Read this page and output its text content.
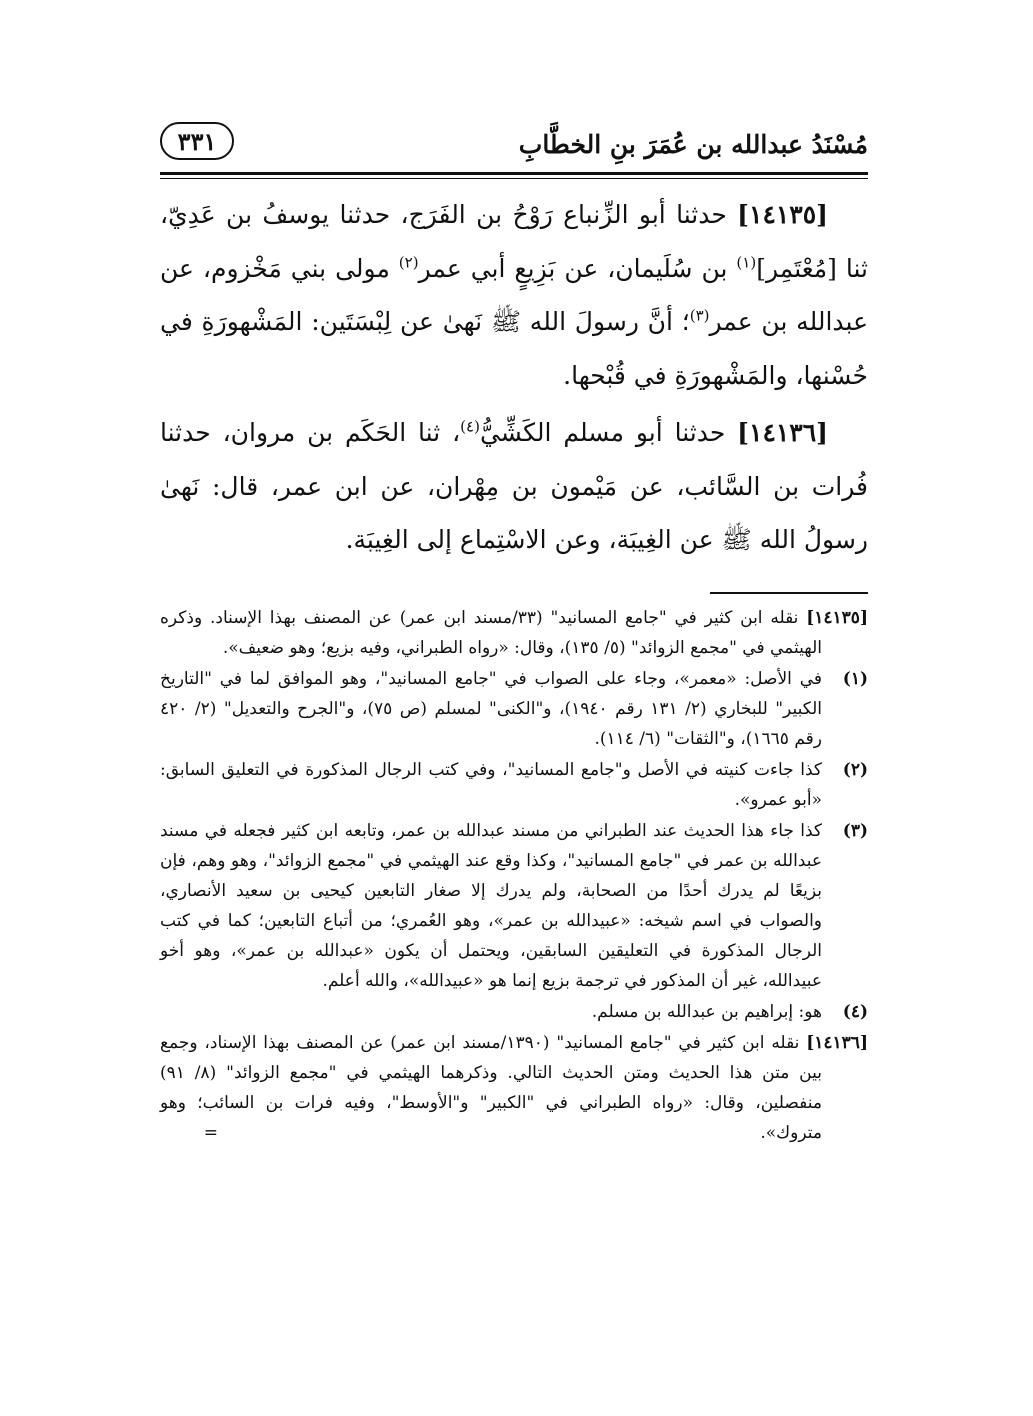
مُسْنَدُ عبدالله بن عُمَرَ بنِ الخطَّابِ
٣٣١

[١٤١٣٥] حدثنا أبو الزِّنباع رَوْحُ بن الفَرَج، حدثنا يوسفُ بن عَدِيّ، ثنا [مُعْتَمِر]$^{(١)}$ بن سُلَيمان، عن بَزِيعٍ أبي عمر$^{(٢)}$ مولى بني مَخْزوم، عن عبدالله بن عمر$^{(٣)}$؛ أنَّ رسولَ الله ﷺ نَهىٰ عن لِبْسَتَين: المَشْهورَةِ في حُسْنها، والمَشْهورَةِ في قُبْحها.

[١٤١٣٦] حدثنا أبو مسلم الكَشِّيُّ$^{(٤)}$، ثنا الحَكَم بن مروان، حدثنا فُرات بن السَّائب، عن مَيْمون بن مِهْران، عن ابن عمر، قال: نَهىٰ رسولُ الله ﷺ عن الغِيبَة، وعن الاسْتِماع إلى الغِيبَة.

[١٤١٣٥] نقله ابن كثير في "جامع المسانيد" (٣٣/مسند ابن عمر) عن المصنف بهذا الإسناد. وذكره الهيثمي في "مجمع الزوائد" (٥/ ١٣٥)، وقال: «رواه الطبراني، وفيه بزيع؛ وهو ضعيف».
(١)
في الأصل: «معمر»، وجاء على الصواب في "جامع المسانيد"، وهو الموافق لما في "التاريخ الكبير" للبخاري (٢/ ١٣١ رقم ١٩٤٠)، و"الكنى" لمسلم (ص ٧٥)، و"الجرح والتعديل" (٢/ ٤٢٠ رقم ١٦٦٥)، و"الثقات" (٦/ ١١٤).
(٢)
كذا جاءت كنيته في الأصل و"جامع المسانيد"، وفي كتب الرجال المذكورة في التعليق السابق: «أبو عمرو».
(٣)
كذا جاء هذا الحديث عند الطبراني من مسند عبدالله بن عمر، وتابعه ابن كثير فجعله في مسند عبدالله بن عمر في "جامع المسانيد"، وكذا وقع عند الهيثمي في "مجمع الزوائد"، وهو وهم، فإن بزيعًا لم يدرك أحدًا من الصحابة، ولم يدرك إلا صغار التابعين كيحيى بن سعيد الأنصاري، والصواب في اسم شيخه: «عبيدالله بن عمر»، وهو العُمري؛ من أتباع التابعين؛ كما في كتب الرجال المذكورة في التعليقين السابقين، ويحتمل أن يكون «عبدالله بن عمر»، وهو أخو عبيدالله، غير أن المذكور في ترجمة بزيع إنما هو «عبيدالله»، والله أعلم.
(٤)
هو: إبراهيم بن عبدالله بن مسلم.
[١٤١٣٦] نقله ابن كثير في "جامع المسانيد" (١٣٩٠/مسند ابن عمر) عن المصنف بهذا الإسناد، وجمع بين متن هذا الحديث ومتن الحديث التالي. وذكرهما الهيثمي في "مجمع الزوائد" (٨/ ٩١) منفصلين، وقال: «رواه الطبراني في "الكبير" و"الأوسط"، وفيه فرات بن السائب؛ وهو متروك».
=
